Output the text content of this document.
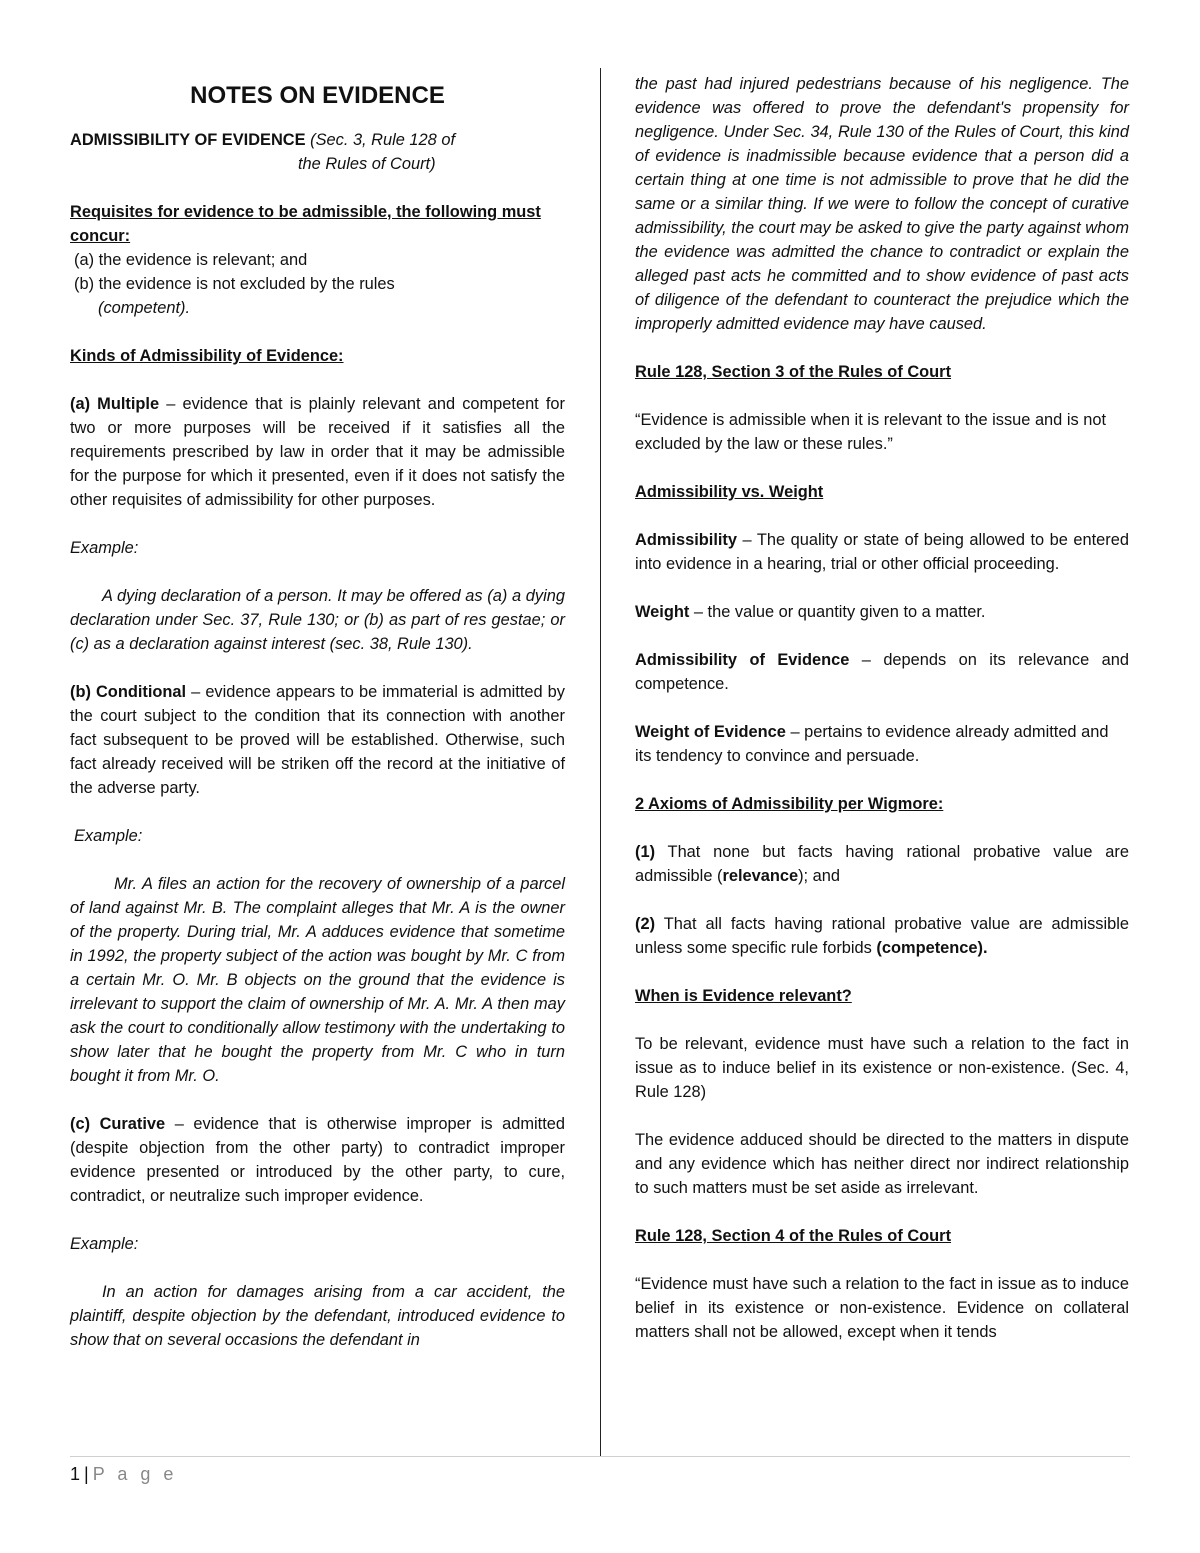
NOTES ON EVIDENCE

ADMISSIBILITY OF EVIDENCE (Sec. 3, Rule 128 of

the Rules of Court)

Requisites for evidence to be admissible, the following must concur:

(a) the evidence is relevant; and

(b) the evidence is not excluded by the rules

(competent).

Kinds of Admissibility of Evidence:

(a) Multiple – evidence that is plainly relevant and competent for two or more purposes will be received if it satisfies all the requirements prescribed by law in order that it may be admissible for the purpose for which it presented, even if it does not satisfy the other requisites of admissibility for other purposes.

Example:

A dying declaration of a person. It may be offered as (a) a dying declaration under Sec. 37, Rule 130; or (b) as part of res gestae; or (c) as a declaration against interest (sec. 38, Rule 130).

(b) Conditional – evidence appears to be immaterial is admitted by the court subject to the condition that its connection with another fact subsequent to be proved will be established. Otherwise, such fact already received will be striken off the record at the initiative of the adverse party.

Example:

Mr. A files an action for the recovery of ownership of a parcel of land against Mr. B. The complaint alleges that Mr. A is the owner of the property. During trial, Mr. A adduces evidence that sometime in 1992, the property subject of the action was bought by Mr. C from a certain Mr. O. Mr. B objects on the ground that the evidence is irrelevant to support the claim of ownership of Mr. A. Mr. A then may ask the court to conditionally allow testimony with the undertaking to show later that he bought the property from Mr. C who in turn bought it from Mr. O.

(c) Curative – evidence that is otherwise improper is admitted (despite objection from the other party) to contradict improper evidence presented or introduced by the other party, to cure, contradict, or neutralize such improper evidence.

Example:

In an action for damages arising from a car accident, the plaintiff, despite objection by the defendant, introduced evidence to show that on several occasions the defendant in

the past had injured pedestrians because of his negligence. The evidence was offered to prove the defendant's propensity for negligence. Under Sec. 34, Rule 130 of the Rules of Court, this kind of evidence is inadmissible because evidence that a person did a certain thing at one time is not admissible to prove that he did the same or a similar thing. If we were to follow the concept of curative admissibility, the court may be asked to give the party against whom the evidence was admitted the chance to contradict or explain the alleged past acts he committed and to show evidence of past acts of diligence of the defendant to counteract the prejudice which the improperly admitted evidence may have caused.

Rule 128, Section 3 of the Rules of Court

“Evidence is admissible when it is relevant to the issue and is not excluded by the law or these rules.”

Admissibility vs. Weight

Admissibility – The quality or state of being allowed to be entered into evidence in a hearing, trial or other official proceeding.

Weight – the value or quantity given to a matter.

Admissibility of Evidence – depends on its relevance and competence.

Weight of Evidence – pertains to evidence already admitted and its tendency to convince and persuade.

2 Axioms of Admissibility per Wigmore:

(1) That none but facts having rational probative value are admissible (relevance); and

(2) That all facts having rational probative value are admissible unless some specific rule forbids (competence).

When is Evidence relevant?

To be relevant, evidence must have such a relation to the fact in issue as to induce belief in its existence or non-existence. (Sec. 4, Rule 128)

The evidence adduced should be directed to the matters in dispute and any evidence which has neither direct nor indirect relationship to such matters must be set aside as irrelevant.

Rule 128, Section 4 of the Rules of Court

“Evidence must have such a relation to the fact in issue as to induce belief in its existence or non-existence. Evidence on collateral matters shall not be allowed, except when it tends

1 | P a g e
